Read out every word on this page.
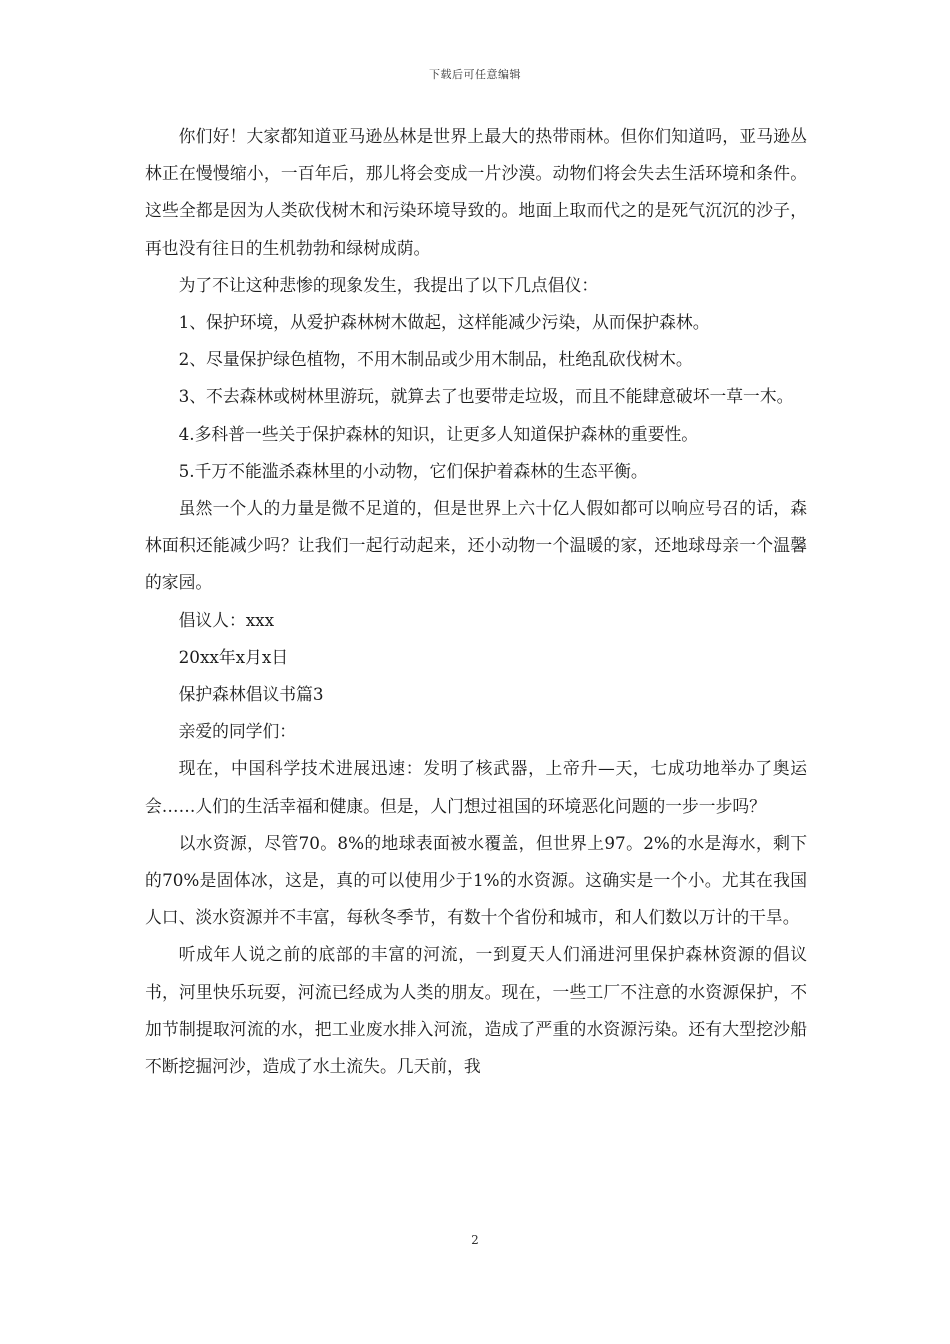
下载后可任意编辑

你们好！大家都知道亚马逊丛林是世界上最大的热带雨林。但你们知道吗，亚马逊丛林正在慢慢缩小，一百年后，那儿将会变成一片沙漠。动物们将会失去生活环境和条件。这些全都是因为人类砍伐树木和污染环境导致的。地面上取而代之的是死气沉沉的沙子，再也没有往日的生机勃勃和绿树成荫。

为了不让这种悲惨的现象发生，我提出了以下几点倡仪：

1、保护环境，从爱护森林树木做起，这样能减少污染，从而保护森林。

2、尽量保护绿色植物，不用木制品或少用木制品，杜绝乱砍伐树木。

3、不去森林或树林里游玩，就算去了也要带走垃圾，而且不能肆意破坏一草一木。

4.多科普一些关于保护森林的知识，让更多人知道保护森林的重要性。

5.千万不能滥杀森林里的小动物，它们保护着森林的生态平衡。

虽然一个人的力量是微不足道的，但是世界上六十亿人假如都可以响应号召的话，森林面积还能减少吗？让我们一起行动起来，还小动物一个温暖的家，还地球母亲一个温馨的家园。

倡议人：xxx

20xx年x月x日

保护森林倡议书篇3

亲爱的同学们：

现在，中国科学技术进展迅速：发明了核武器，上帝升—天，七成功地举办了奥运会……人们的生活幸福和健康。但是，人门想过祖国的环境恶化问题的一步一步吗？

以水资源，尽管70。8%的地球表面被水覆盖，但世界上97。2%的水是海水，剩下的70%是固体冰，这是，真的可以使用少于1%的水资源。这确实是一个小。尤其在我国人口、淡水资源并不丰富，每秋冬季节，有数十个省份和城市，和人们数以万计的干旱。

听成年人说之前的底部的丰富的河流，一到夏天人们涌进河里保护森林资源的倡议书，河里快乐玩耍，河流已经成为人类的朋友。现在，一些工厂不注意的水资源保护，不加节制提取河流的水，把工业废水排入河流，造成了严重的水资源污染。还有大型挖沙船不断挖掘河沙，造成了水土流失。几天前，我

2
